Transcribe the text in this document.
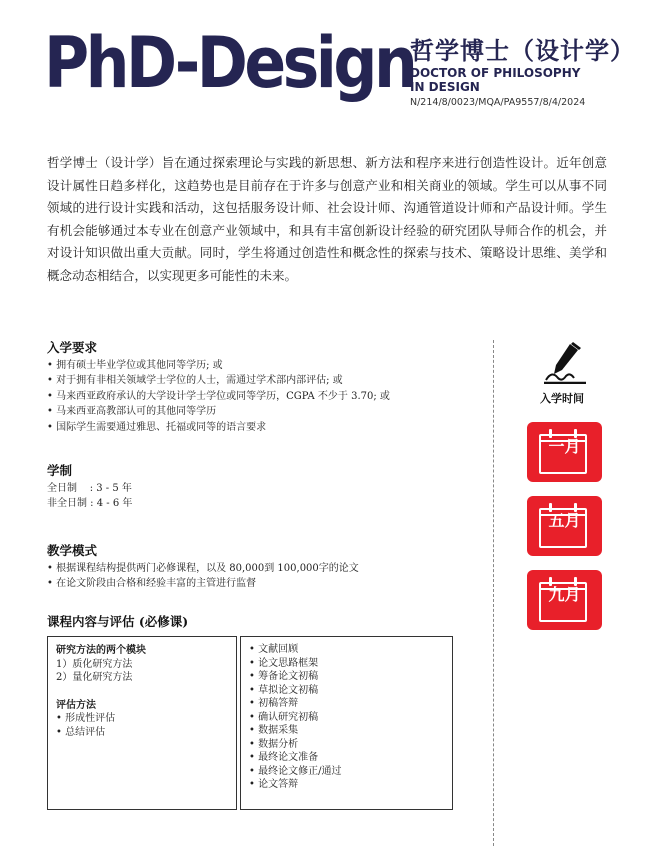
PhD-Design
哲学博士（设计学）
DOCTOR OF PHILOSOPHY
IN DESIGN
N/214/8/0023/MQA/PA9557/8/4/2024
哲学博士（设计学）旨在通过探索理论与实践的新思想、新方法和程序来进行创造性设计。近年创意设计属性日趋多样化，这趋势也是目前存在于许多与创意产业和相关商业的领域。学生可以从事不同领域的进行设计实践和活动，这包括服务设计师、社会设计师、沟通管道设计师和产品设计师。学生有机会能够通过本专业在创意产业领域中，和具有丰富创新设计经验的研究团队导师合作的机会，并对设计知识做出重大贡献。同时，学生将通过创造性和概念性的探索与技术、策略设计思维、美学和概念动态相结合，以实现更多可能性的未来。
入学要求
• 拥有硕士毕业学位或其他同等学历; 或
• 对于拥有非相关领域学士学位的人士，需通过学术部内部评估; 或
• 马来西亚政府承认的大学设计学士学位或同等学历，CGPA 不少于 3.70; 或
• 马来西亚高教部认可的其他同等学历
• 国际学生需要通过雅思、托福或同等的语言要求
学制
全日制    : 3 - 5 年
非全日制 : 4 - 6 年
教学模式
• 根据课程结构提供两门必修课程，以及 80,000到 100,000字的论文
• 在论文阶段由合格和经验丰富的主管进行监督
课程内容与评估 (必修课)
研究方法的两个模块
1）质化研究方法
2）量化研究方法
评估方法
• 形成性评估
• 总结评估
• 文献回顾
• 论文思路框架
• 筹备论文初稿
• 草拟论文初稿
• 初稿答辩
• 确认研究初稿
• 数据采集
• 数据分析
• 最终论文准备
• 最终论文修正/通过
• 论文答辩
入学时间
一月
五月
九月
